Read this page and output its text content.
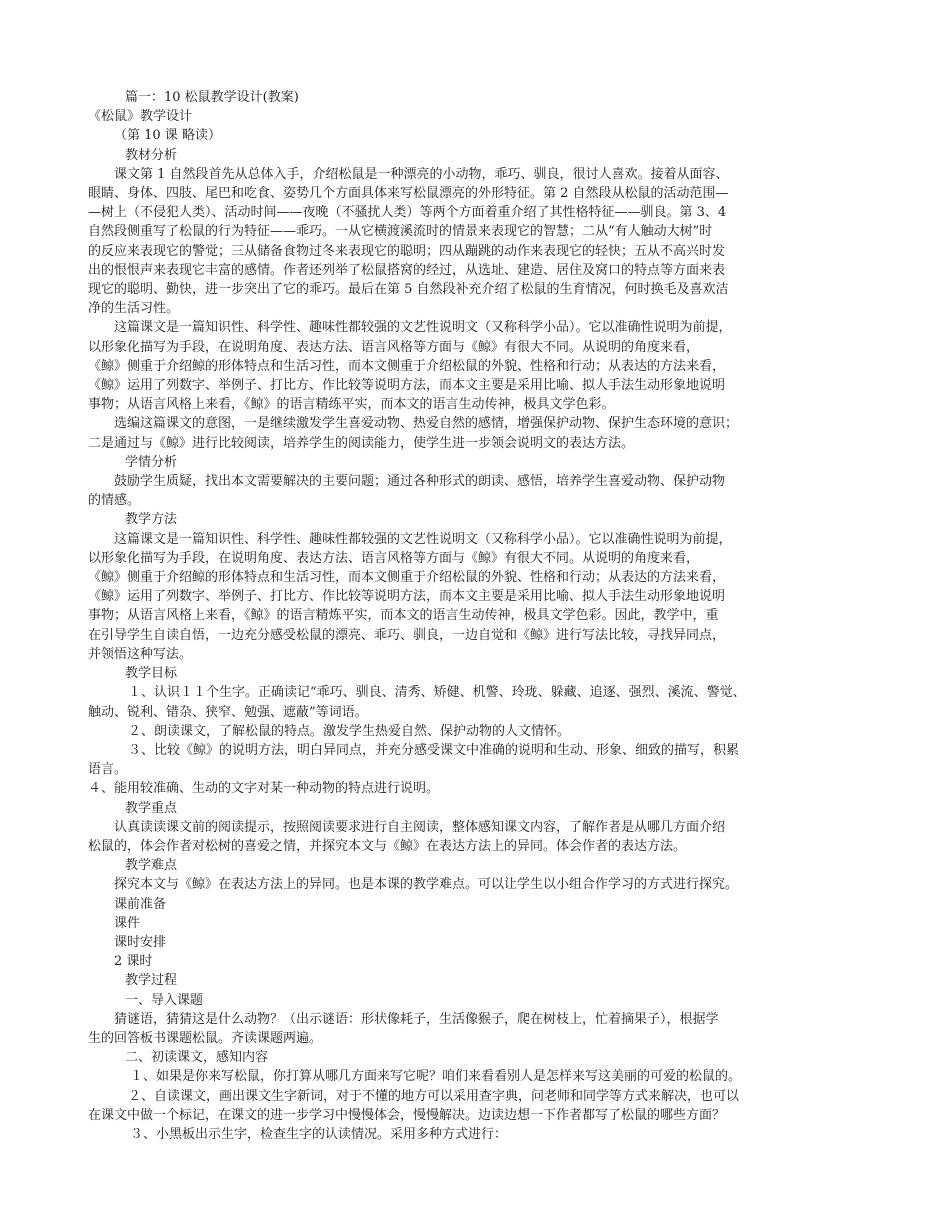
篇一：10 松鼠教学设计(教案)
《松鼠》教学设计
（第 10 课 略读）
教材分析
课文第 1 自然段首先从总体入手，介绍松鼠是一种漂亮的小动物，乖巧、驯良，很讨人喜欢。接着从面容、
眼睛、身体、四肢、尾巴和吃食、姿势几个方面具体来写松鼠漂亮的外形特征。第 2 自然段从松鼠的活动范围—
—树上（不侵犯人类）、活动时间——夜晚（不骚扰人类）等两个方面着重介绍了其性格特征——驯良。第 3、4
自然段侧重写了松鼠的行为特征——乖巧。一从它横渡溪流时的情景来表现它的智慧；二从“有人触动大树”时
的反应来表现它的警觉；三从储备食物过冬来表现它的聪明；四从蹦跳的动作来表现它的轻快；五从不高兴时发
出的恨恨声来表现它丰富的感情。作者还列举了松鼠搭窝的经过，从选址、建造、居住及窝口的特点等方面来表
现它的聪明、勤快，进一步突出了它的乖巧。最后在第 5 自然段补充介绍了松鼠的生育情况，何时换毛及喜欢洁
净的生活习性。
这篇课文是一篇知识性、科学性、趣味性都较强的文艺性说明文（又称科学小品）。它以准确性说明为前提，
以形象化描写为手段，在说明角度、表达方法、语言风格等方面与《鲸》有很大不同。从说明的角度来看，
《鲸》侧重于介绍鲸的形体特点和生活习性，而本文侧重于介绍松鼠的外貌、性格和行动；从表达的方法来看，
《鲸》运用了列数字、举例子、打比方、作比较等说明方法，而本文主要是采用比喻、拟人手法生动形象地说明
事物；从语言风格上来看，《鲸》的语言精练平实，而本文的语言生动传神，极具文学色彩。
选编这篇课文的意图，一是继续激发学生喜爱动物、热爱自然的感情，增强保护动物、保护生态环境的意识；
二是通过与《鲸》进行比较阅读，培养学生的阅读能力，使学生进一步领会说明文的表达方法。
学情分析
鼓励学生质疑，找出本文需要解决的主要问题；通过各种形式的朗读、感悟，培养学生喜爱动物、保护动物
的情感。
教学方法
这篇课文是一篇知识性、科学性、趣味性都较强的文艺性说明文（又称科学小品）。它以准确性说明为前提，
以形象化描写为手段，在说明角度、表达方法、语言风格等方面与《鲸》有很大不同。从说明的角度来看，
《鲸》侧重于介绍鲸的形体特点和生活习性，而本文侧重于介绍松鼠的外貌、性格和行动；从表达的方法来看，
《鲸》运用了列数字、举例子、打比方、作比较等说明方法，而本文主要是采用比喻、拟人手法生动形象地说明
事物；从语言风格上来看，《鲸》的语言精炼平实，而本文的语言生动传神，极具文学色彩。因此，教学中，重
在引导学生自读自悟，一边充分感受松鼠的漂亮、乖巧、驯良，一边自觉和《鲸》进行写法比较，寻找异同点，
并领悟这种写法。
教学目标
１、认识１１个生字。正确读记“乖巧、驯良、清秀、矫健、机警、玲珑、躲藏、追逐、强烈、溪流、警觉、
触动、锐利、错杂、狭窄、勉强、遮蔽”等词语。
２、朗读课文，了解松鼠的特点。激发学生热爱自然、保护动物的人文情怀。
３、比较《鲸》的说明方法，明白异同点，并充分感受课文中准确的说明和生动、形象、细致的描写，积累
语言。
４、能用较准确、生动的文字对某一种动物的特点进行说明。
教学重点
认真读读课文前的阅读提示，按照阅读要求进行自主阅读，整体感知课文内容，了解作者是从哪几方面介绍
松鼠的，体会作者对松树的喜爱之情，并探究本文与《鲸》在表达方法上的异同。体会作者的表达方法。
教学难点
探究本文与《鲸》在表达方法上的异同。也是本课的教学难点。可以让学生以小组合作学习的方式进行探究。
课前准备
课件
课时安排
2 课时
教学过程
一、导入课题
猜谜语，猜猜这是什么动物？（出示谜语：形状像耗子，生活像猴子，爬在树枝上，忙着摘果子），根据学
生的回答板书课题松鼠。齐读课题两遍。
二、初读课文，感知内容
１、如果是你来写松鼠，你打算从哪几方面来写它呢？咱们来看看别人是怎样来写这美丽的可爱的松鼠的。
２、自读课文，画出课文生字新词，对于不懂的地方可以采用查字典，问老师和同学等方式来解决，也可以
在课文中做一个标记，在课文的进一步学习中慢慢体会，慢慢解决。边读边想一下作者都写了松鼠的哪些方面？
３、小黑板出示生字，检查生字的认读情况。采用多种方式进行：
